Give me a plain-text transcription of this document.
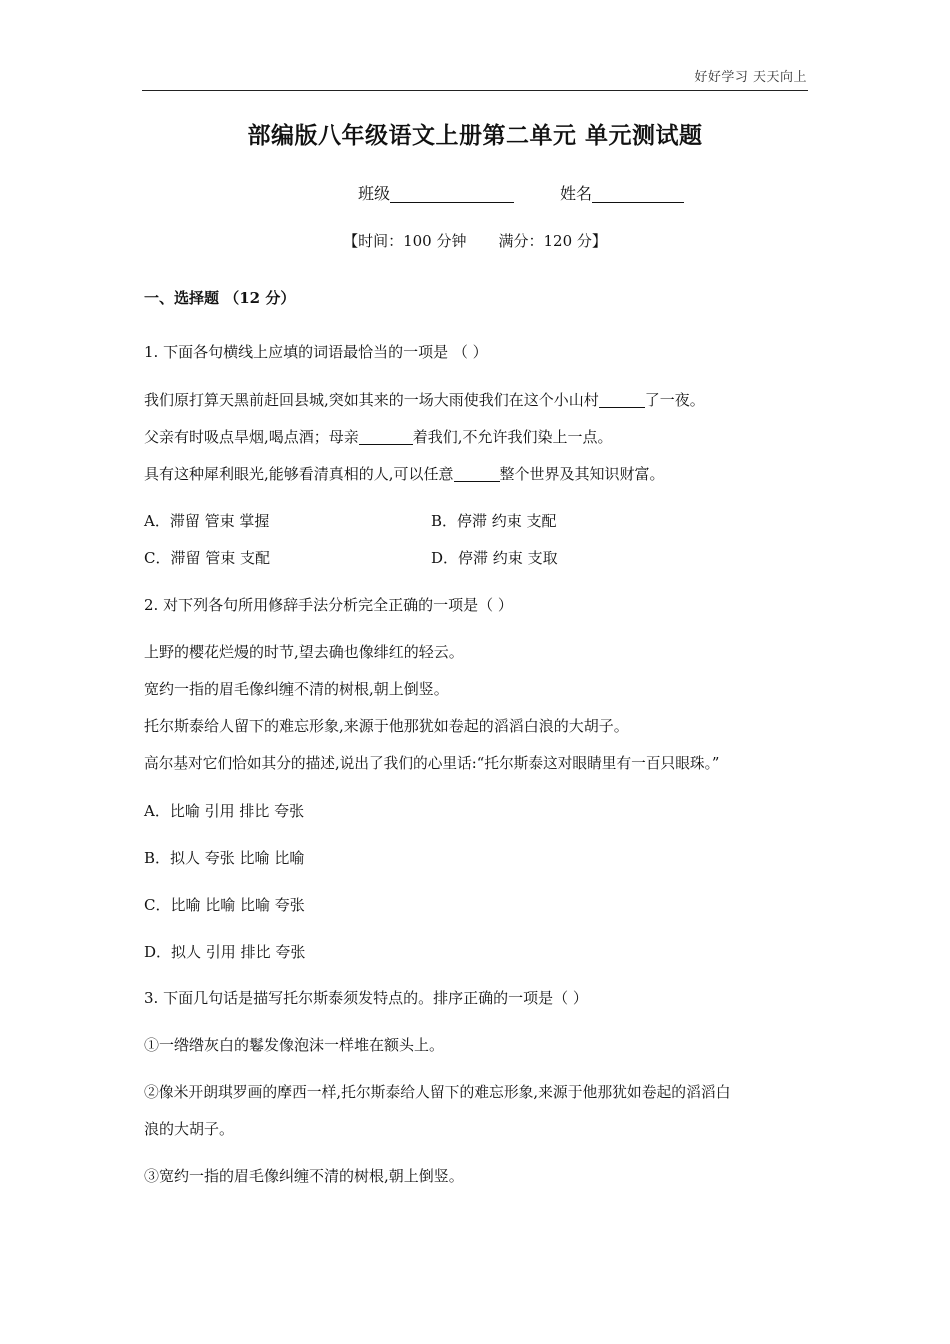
好好学习 天天向上
部编版八年级语文上册第二单元 单元测试题
班级	姓名
【时间：100 分钟 满分：120 分】
一、选择题 （12 分）
1. 下面各句横线上应填的词语最恰当的一项是 （ ）
我们原打算天黑前赶回县城,突如其来的一场大雨使我们在这个小山村	了一夜。
父亲有时吸点旱烟,喝点酒；母亲	着我们,不允许我们染上一点。
具有这种犀利眼光,能够看清真相的人,可以任意	整个世界及其知识财富。
A．滞留 管束 掌握	B．停滞 约束 支配
C．滞留 管束 支配	D．停滞 约束 支取
2. 对下列各句所用修辞手法分析完全正确的一项是（ ）
上野的樱花烂熳的时节,望去确也像绯红的轻云。
宽约一指的眉毛像纠缠不清的树根,朝上倒竖。
托尔斯泰给人留下的难忘形象,来源于他那犹如卷起的滔滔白浪的大胡子。
高尔基对它们恰如其分的描述,说出了我们的心里话:“托尔斯泰这对眼睛里有一百只眼珠。”
A．比喻 引用 排比 夸张
B．拟人 夸张 比喻 比喻
C．比喻 比喻 比喻 夸张
D．拟人 引用 排比 夸张
3. 下面几句话是描写托尔斯泰须发特点的。排序正确的一项是（ ）
①一绺绺灰白的鬈发像泡沫一样堆在额头上。
②像米开朗琪罗画的摩西一样,托尔斯泰给人留下的难忘形象,来源于他那犹如卷起的滔滔白
浪的大胡子。
③宽约一指的眉毛像纠缠不清的树根,朝上倒竖。
